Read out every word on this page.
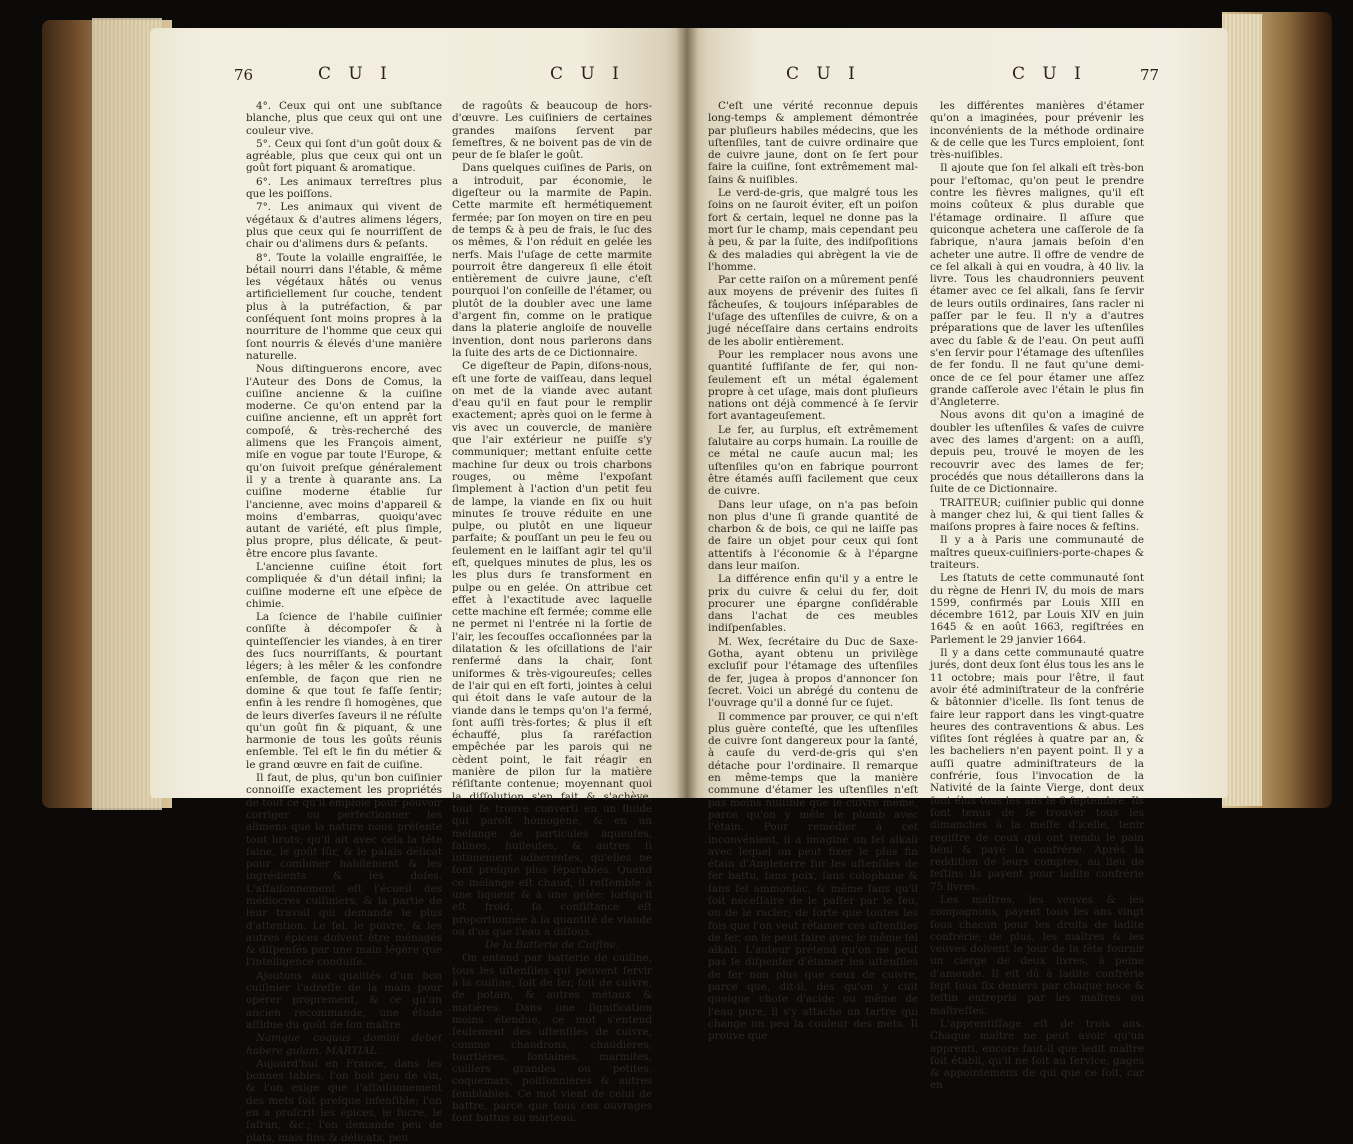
76	C U I	C U I

4°. Ceux qui ont une subſtance blanche, plus que ceux qui ont une couleur vive.

5°. Ceux qui ſont d'un goût doux & agréable, plus que ceux qui ont un goût fort piquant & aromatique.

6°. Les animaux terreſtres plus que les poiſſons.

7°. Les animaux qui vivent de végétaux & d'autres alimens légers, plus que ceux qui ſe nourriſſent de chair ou d'alimens durs & peſants.

8°. Toute la volaille engraiſſée, le bétail nourri dans l'étable, & même les végétaux hâtés ou venus artificiellement ſur couche, tendent plus à la putréfaction, & par conſéquent ſont moins propres à la nourriture de l'homme que ceux qui ſont nourris & élevés d'une manière naturelle.

Nous diſtinguerons encore, avec l'Auteur des Dons de Comus, la cuiſine ancienne & la cuiſine moderne. Ce qu'on entend par la cuiſine ancienne, eſt un apprêt fort compoſé, & très-recherché des alimens que les François aiment, miſe en vogue par toute l'Europe, & qu'on ſuivoit preſque généralement il y a trente à quarante ans. La cuiſine moderne établie ſur l'ancienne, avec moins d'appareil & moins d'embarras, quoiqu'avec autant de variété, eſt plus ſimple, plus propre, plus délicate, & peut-être encore plus ſavante.

L'ancienne cuiſine étoit fort compliquée & d'un détail infini; la cuiſine moderne eſt une eſpèce de chimie.

La ſcience de l'habile cuiſinier conſiſte à décompoſer & à quinteſſencier les viandes, à en tirer des ſucs nourriſſants, & pourtant légers; à les mêler & les confondre enſemble, de façon que rien ne domine & que tout ſe faſſe ſentir; enfin à les rendre ſi homogènes, que de leurs diverſes ſaveurs il ne réſulte qu'un goût fin & piquant, & une harmonie de tous les goûts réunis enſemble. Tel eſt le fin du métier & le grand œuvre en fait de cuiſine.

Il faut, de plus, qu'un bon cuiſinier connoiſſe exactement les propriétés de tout ce qu'il emploie pour pouvoir corriger ou perfectionner les alimens que la nature nous préſente tout bruts; qu'il ait avec cela la tête ſaine, le goût ſûr, & le palais délicat pour combiner habilement & les ingrédients & les doſes. L'aſſaiſonnement eſt l'écueil des médiocres cuiſiniers, & la partie de leur travail qui demande le plus d'attention. Le ſel, le poivre, & les autres épices doivent être ménagés & diſpenſés par une main légère que l'intelligence conduiſe.

Ajoutons aux qualités d'un bon cuiſinier l'adreſſe de la main pour opérer proprement, & ce qu'un ancien recommande, une étude aſſidue du goût de ſon maître.

Namque coquus domini debet habere gulam. MARTIAL.

Aujourd'hui en France, dans les bonnes tables, l'on boit peu de vin, & l'on exige que l'aſſaiſonnement des mets ſoit preſque inſenſible; l'on en a proſcrit les épices, le ſucre, le ſafran, &c.; l'on demande peu de plats, mais fins & délicats, peu

de ragoûts & beaucoup de hors-d'œuvre. Les cuiſiniers de certaines grandes maiſons ſervent par ſemeſtres, & ne boivent pas de vin de peur de ſe blaſer le goût.

Dans quelques cuiſines de Paris, on a introduit, par économie, le digeſteur ou la marmite de Papin. Cette marmite eſt hermétiquement fermée; par ſon moyen on tire en peu de temps & à peu de frais, le ſuc des os mêmes, & l'on réduit en gelée les nerfs. Mais l'uſage de cette marmite pourroit être dangereux ſi elle étoit entièrement de cuivre jaune, c'eſt pourquoi l'on conſeille de l'étamer, ou plutôt de la doubler avec une lame d'argent fin, comme on le pratique dans la platerie angloiſe de nouvelle invention, dont nous parlerons dans la ſuite des arts de ce Dictionnaire.

Ce digeſteur de Papin, diſons-nous, eſt une forte de vaiſſeau, dans lequel on met de la viande avec autant d'eau qu'il en faut pour le remplir exactement; après quoi on le ferme à vis avec un couvercle, de manière que l'air extérieur ne puiſſe s'y communiquer; mettant enſuite cette machine ſur deux ou trois charbons rouges, ou même l'expoſant ſimplement à l'action d'un petit feu de lampe, la viande en ſix ou huit minutes ſe trouve réduite en une pulpe, ou plutôt en une liqueur parfaite; & pouſſant un peu le feu ou ſeulement en le laiſſant agir tel qu'il eſt, quelques minutes de plus, les os les plus durs ſe transforment en pulpe ou en gelée. On attribue cet effet à l'exactitude avec laquelle cette machine eſt fermée; comme elle ne permet ni l'entrée ni la ſortie de l'air, les ſecouſſes occaſionnées par la dilatation & les oſcillations de l'air renfermé dans la chair, ſont uniformes & très-vigoureuſes; celles de l'air qui en eſt forti, jointes à celui qui étoit dans le vaſe autour de la viande dans le temps qu'on l'a fermé, ſont auſſi très-fortes; & plus il eſt échauffé, plus ſa raréfaction empêchée par les parois qui ne cèdent point, le fait réagir en manière de pilon ſur la matière réſiſtante contenue; moyennant quoi la diſſolution s'en fait & s'achève, tout ſe trouve converti en un fluide qui paroît homogène, & en un mélange de particules aqueuſes, ſalines, huileuſes, & autres ſi intimement adhérentes, qu'elles ne ſont preſque plus ſéparables. Quand ce mélange eſt chaud, il reſſemble à une liqueur & à une gelée; lorſqu'il eſt froid, ſa conſiſtance eſt proportionnée à la quantité de viande ou d'os que l'eau a diſſous.

De la Batterie de Cuiſine.

On entend par batterie de cuiſine, tous les uſtenſiles qui peuvent ſervir à la cuiſine, ſoit de fer, ſoit de cuivre, de potain, & autres métaux & matières. Dans une ſignification moins étendue, ce mot s'entend ſeulement des uſtenſiles de cuivre, comme chaudrons, chaudières, tourtières, fontaines, marmites, cuillers grandes ou petites, coquemars, poiſſonnières & autres ſemblables. Ce mot vient de celui de battre, parce que tous ces ouvrages ſont battus au marteau.

C U I	C U I	77

C'eſt une vérité reconnue depuis long-temps & amplement démontrée par pluſieurs habiles médecins, que les uſtenſiles, tant de cuivre ordinaire que de cuivre jaune, dont on ſe ſert pour faire la cuiſine, ſont extrêmement mal-ſains & nuiſibles.

Le verd-de-gris, que malgré tous les ſoins on ne ſauroit éviter, eſt un poiſon fort & certain, lequel ne donne pas la mort ſur le champ, mais cependant peu à peu, & par la ſuite, des indiſpoſitions & des maladies qui abrègent la vie de l'homme.

Par cette raiſon on a mûrement penſé aux moyens de prévenir des ſuites ſi fâcheuſes, & toujours inſéparables de l'uſage des uſtenſiles de cuivre, & on a jugé néceſſaire dans certains endroits de les abolir entièrement.

Pour les remplacer nous avons une quantité ſuffiſante de fer, qui non-ſeulement eſt un métal également propre à cet uſage, mais dont pluſieurs nations ont déjà commencé à ſe ſervir fort avantageuſement.

Le fer, au ſurplus, eſt extrêmement ſalutaire au corps humain. La rouille de ce métal ne cauſe aucun mal; les uſtenſiles qu'on en fabrique pourront être étamés auſſi facilement que ceux de cuivre.

Dans leur uſage, on n'a pas beſoin non plus d'une ſi grande quantité de charbon & de bois, ce qui ne laiſſe pas de faire un objet pour ceux qui ſont attentifs à l'économie & à l'épargne dans leur maiſon.

La différence enfin qu'il y a entre le prix du cuivre & celui du fer, doit procurer une épargne conſidérable dans l'achat de ces meubles indiſpenſables.

M. Wex, ſecrétaire du Duc de Saxe-Gotha, ayant obtenu un privilège excluſif pour l'étamage des uſtenſiles de fer, jugea à propos d'annoncer ſon ſecret. Voici un abrégé du contenu de l'ouvrage qu'il a donné ſur ce ſujet.

Il commence par prouver, ce qui n'eſt plus guère conteſté, que les uſtenſiles de cuivre ſont dangereux pour la ſanté, à cauſe du verd-de-gris qui s'en détache pour l'ordinaire. Il remarque en même-temps que la manière commune d'étamer les uſtenſiles n'eſt pas moins nuiſible que le cuivre même, parce qu'on y mêle le plomb avec l'étain. Pour remédier à cet inconvénient, il a imaginé un ſel alkali avec lequel on peut fixer le plus fin étain d'Angleterre ſur les uſtenſiles de fer battu, ſans poix, ſans colophane & ſans ſel ammoniac, & même ſans qu'il ſoit néceſſaire de le paſſer par le feu, ou de le racler; de ſorte que toutes les fois que l'on veut rétamer ces uſtenſiles de fer, on le peut faire avec le même ſel alkali. L'auteur prétend qu'on ne peut pas ſe diſpenſer d'étamer les uſtenſiles de fer non plus que ceux de cuivre, parce que, dit-il, dès qu'on y cuit quelque choſe d'acide ou même de l'eau pure, il s'y attache un tartre qui change un peu la couleur des mets. Il prouve que

les différentes manières d'étamer qu'on a imaginées, pour prévenir les inconvénients de la méthode ordinaire & de celle que les Turcs emploient, ſont très-nuiſibles.

Il ajoute que ſon ſel alkali eſt très-bon pour l'eſtomac, qu'on peut le prendre contre les fièvres malignes, qu'il eſt moins coûteux & plus durable que l'étamage ordinaire. Il aſſure que quiconque achetera une caſſerole de ſa fabrique, n'aura jamais beſoin d'en acheter une autre. Il offre de vendre de ce ſel alkali à qui en voudra, à 40 liv. la livre. Tous les chaudronniers peuvent étamer avec ce ſel alkali, ſans ſe ſervir de leurs outils ordinaires, ſans racler ni paſſer par le feu. Il n'y a d'autres préparations que de laver les uſtenſiles avec du ſable & de l'eau. On peut auſſi s'en ſervir pour l'étamage des uſtenſiles de fer fondu. Il ne faut qu'une demi-once de ce ſel pour étamer une aſſez grande caſſerole avec l'étain le plus fin d'Angleterre.

Nous avons dit qu'on a imaginé de doubler les uſtenſiles & vaſes de cuivre avec des lames d'argent: on a auſſi, depuis peu, trouvé le moyen de les recouvrir avec des lames de fer; procédés que nous détaillerons dans la ſuite de ce Dictionnaire.

TRAITEUR; cuiſinier public qui donne à manger chez lui, & qui tient ſalles & maiſons propres à faire noces & feſtins.

Il y a à Paris une communauté de maîtres queux-cuiſiniers-porte-chapes & traiteurs.

Les ſtatuts de cette communauté ſont du règne de Henri IV, du mois de mars 1599, confirmés par Louis XIII en décembre 1612, par Louis XIV en juin 1645 & en août 1663, regiſtrées en Parlement le 29 janvier 1664.

Il y a dans cette communauté quatre jurés, dont deux ſont élus tous les ans le 11 octobre; mais pour l'être, il faut avoir été adminiſtrateur de la confrérie & bâtonnier d'icelle. Ils ſont tenus de faire leur rapport dans les vingt-quatre heures des contraventions & abus. Les viſites ſont réglées à quatre par an, & les bacheliers n'en payent point. Il y a auſſi quatre adminiſtrateurs de la confrérie, ſous l'invocation de la Nativité de la ſainte Vierge, dont deux ſont élus tous les ans le 8 ſeptembre. Ils ſont tenus de ſe trouver tous les dimanches à la meſſe d'icelle, tenir regiſtre de ceux qui ont rendu le pain béni & payé la confrérie. Après la reddition de leurs comptes, au lieu de feſtins ils payent pour ladite confrérie 75 livres.

Les maîtres, les veuves & les compagnons, payent tous les ans vingt ſous chacun pour les droits de ladite confrérie; de plus, les maîtres & les veuves doivent le jour de la fête fournir un cierge de deux livres, à peine d'amende. Il eſt dû à ladite confrérie ſept ſous ſix deniers par chaque noce & feſtin entrepris par les maîtres ou maîtreſſes.

L'apprentiſſage eſt de trois ans. Chaque maître ne peut avoir qu'un apprenti, encore faut-il que ledit maître ſoit établi, qu'il ne ſoit au ſervice, gages & appointemens de qui que ce ſoit, car en
